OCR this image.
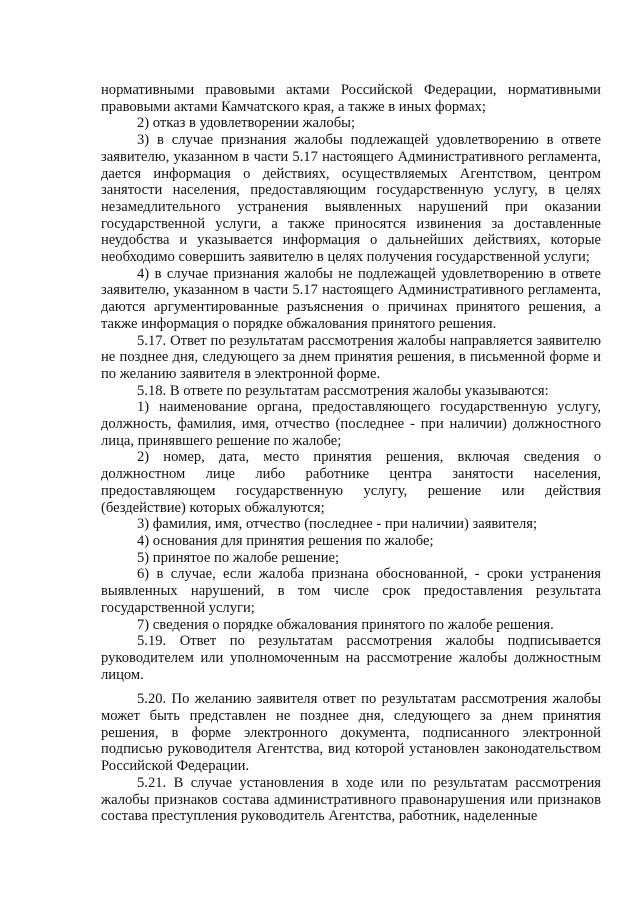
нормативными правовыми актами Российской Федерации, нормативными правовыми актами Камчатского края, а также в иных формах;

2) отказ в удовлетворении жалобы;

3) в случае признания жалобы подлежащей удовлетворению в ответе заявителю, указанном в части 5.17 настоящего Административного регламента, дается информация о действиях, осуществляемых Агентством, центром занятости населения, предоставляющим государственную услугу, в целях незамедлительного устранения выявленных нарушений при оказании государственной услуги, а также приносятся извинения за доставленные неудобства и указывается информация о дальнейших действиях, которые необходимо совершить заявителю в целях получения государственной услуги;

4) в случае признания жалобы не подлежащей удовлетворению в ответе заявителю, указанном в части 5.17 настоящего Административного регламента, даются аргументированные разъяснения о причинах принятого решения, а также информация о порядке обжалования принятого решения.

5.17. Ответ по результатам рассмотрения жалобы направляется заявителю не позднее дня, следующего за днем принятия решения, в письменной форме и по желанию заявителя в электронной форме.

5.18. В ответе по результатам рассмотрения жалобы указываются:

1) наименование органа, предоставляющего государственную услугу, должность, фамилия, имя, отчество (последнее - при наличии) должностного лица, принявшего решение по жалобе;

2) номер, дата, место принятия решения, включая сведения о должностном лице либо работнике центра занятости населения, предоставляющем государственную услугу, решение или действия (бездействие) которых обжалуются;

3) фамилия, имя, отчество (последнее - при наличии) заявителя;

4) основания для принятия решения по жалобе;

5) принятое по жалобе решение;

6) в случае, если жалоба признана обоснованной, - сроки устранения выявленных нарушений, в том числе срок предоставления результата государственной услуги;

7) сведения о порядке обжалования принятого по жалобе решения.

5.19. Ответ по результатам рассмотрения жалобы подписывается руководителем или уполномоченным на рассмотрение жалобы должностным лицом.

5.20. По желанию заявителя ответ по результатам рассмотрения жалобы может быть представлен не позднее дня, следующего за днем принятия решения, в форме электронного документа, подписанного электронной подписью руководителя Агентства, вид которой установлен законодательством Российской Федерации.

5.21. В случае установления в ходе или по результатам рассмотрения жалобы признаков состава административного правонарушения или признаков состава преступления руководитель Агентства, работник, наделенные
